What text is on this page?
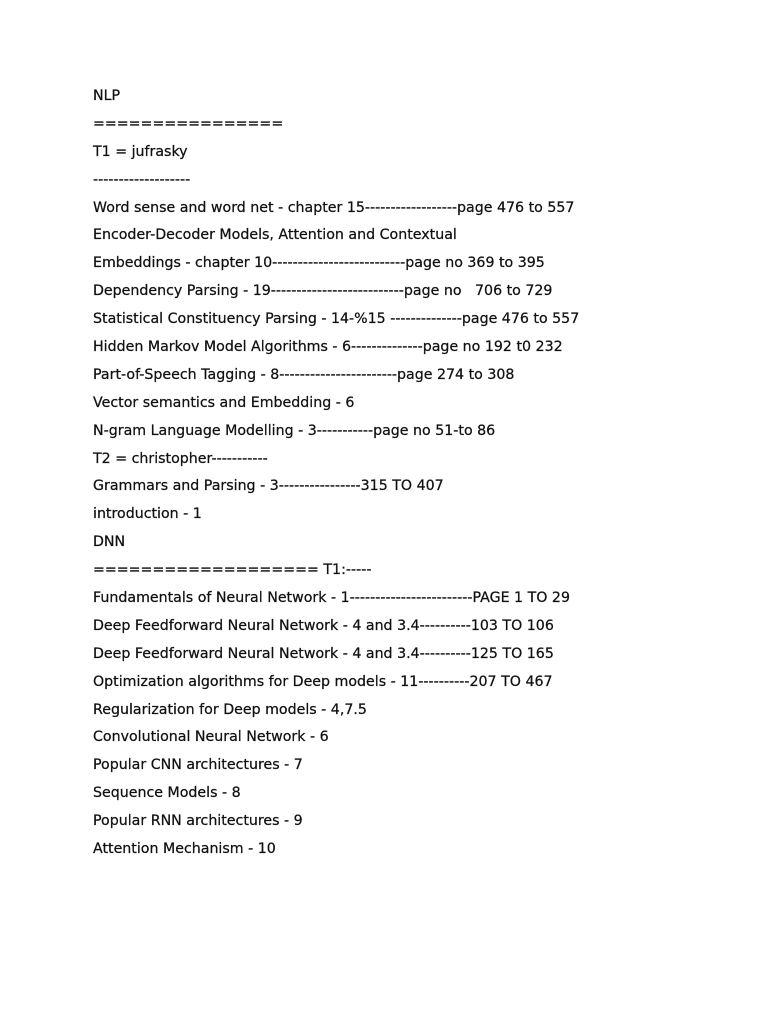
NLP
================
T1 = jufrasky
-------------------
Word sense and word net - chapter 15------------------page 476 to 557
Encoder-Decoder Models, Attention and Contextual
Embeddings - chapter 10--------------------------page no 369 to 395
Dependency Parsing - 19--------------------------page no   706 to 729
Statistical Constituency Parsing - 14-%15 --------------page 476 to 557
Hidden Markov Model Algorithms - 6--------------page no 192 t0 232
Part-of-Speech Tagging - 8-----------------------page 274 to 308
Vector semantics and Embedding - 6
N-gram Language Modelling - 3-----------page no 51-to 86
T2 = christopher-----------
Grammars and Parsing - 3----------------315 TO 407
introduction - 1
DNN
=================== T1:-----
Fundamentals of Neural Network - 1------------------------PAGE 1 TO 29
Deep Feedforward Neural Network - 4 and 3.4----------103 TO 106
Deep Feedforward Neural Network - 4 and 3.4----------125 TO 165
Optimization algorithms for Deep models - 11----------207 TO 467
Regularization for Deep models - 4,7.5
Convolutional Neural Network - 6
Popular CNN architectures - 7
Sequence Models - 8
Popular RNN architectures - 9
Attention Mechanism - 10
